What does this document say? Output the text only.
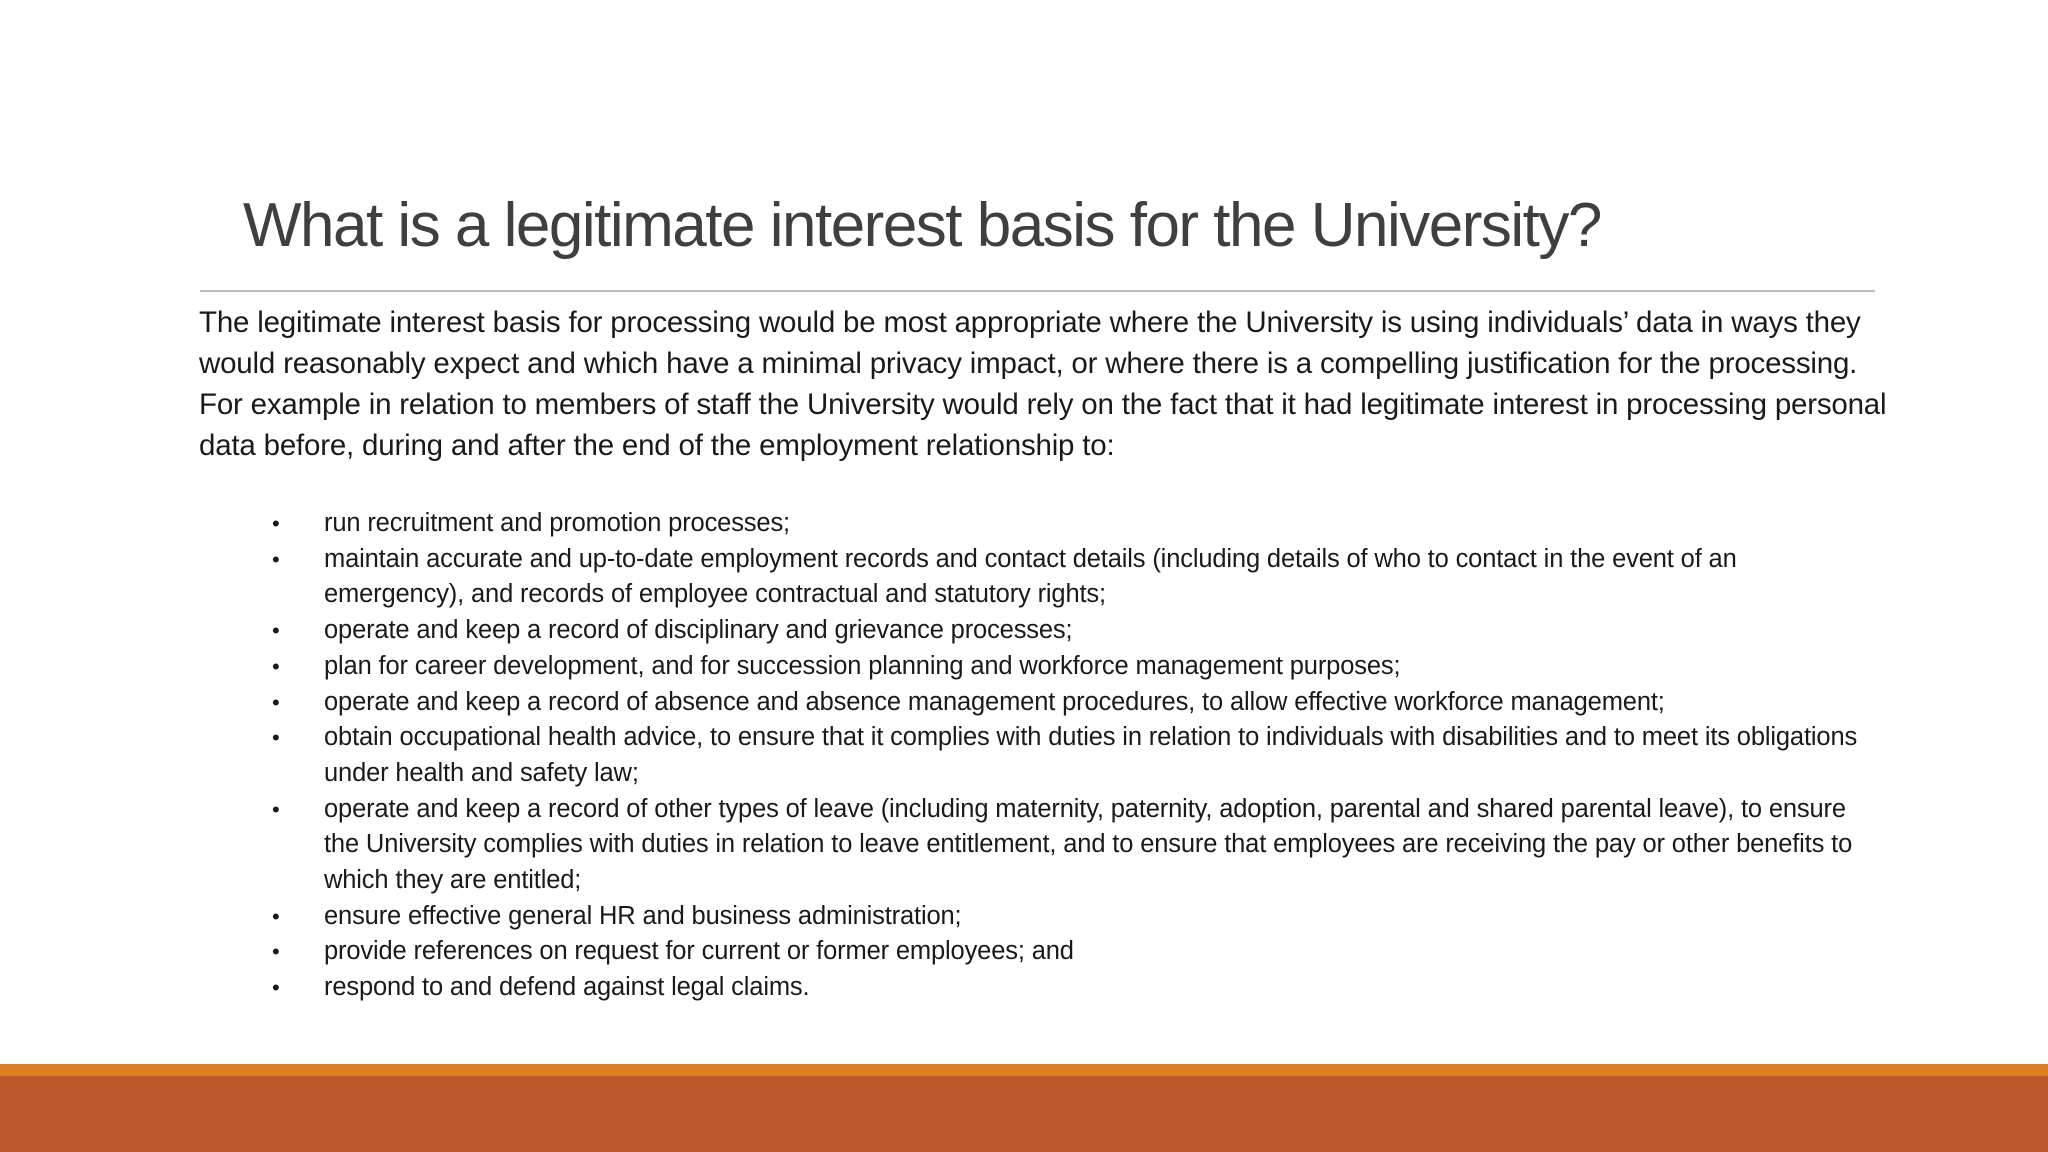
What is a legitimate interest basis for the University?

The legitimate interest basis for processing would be most appropriate where the University is using individuals’ data in ways they would reasonably expect and which have a minimal privacy impact, or where there is a compelling justification for the processing. For example in relation to members of staff the University would rely on the fact that it had legitimate interest in processing personal data before, during and after the end of the employment relationship to:

• run recruitment and promotion processes;
• maintain accurate and up-to-date employment records and contact details (including details of who to contact in the event of an emergency), and records of employee contractual and statutory rights;
• operate and keep a record of disciplinary and grievance processes;
• plan for career development, and for succession planning and workforce management purposes;
• operate and keep a record of absence and absence management procedures, to allow effective workforce management;
• obtain occupational health advice, to ensure that it complies with duties in relation to individuals with disabilities and to meet its obligations under health and safety law;
• operate and keep a record of other types of leave (including maternity, paternity, adoption, parental and shared parental leave), to ensure the University complies with duties in relation to leave entitlement, and to ensure that employees are receiving the pay or other benefits to which they are entitled;
• ensure effective general HR and business administration;
• provide references on request for current or former employees; and
• respond to and defend against legal claims.
